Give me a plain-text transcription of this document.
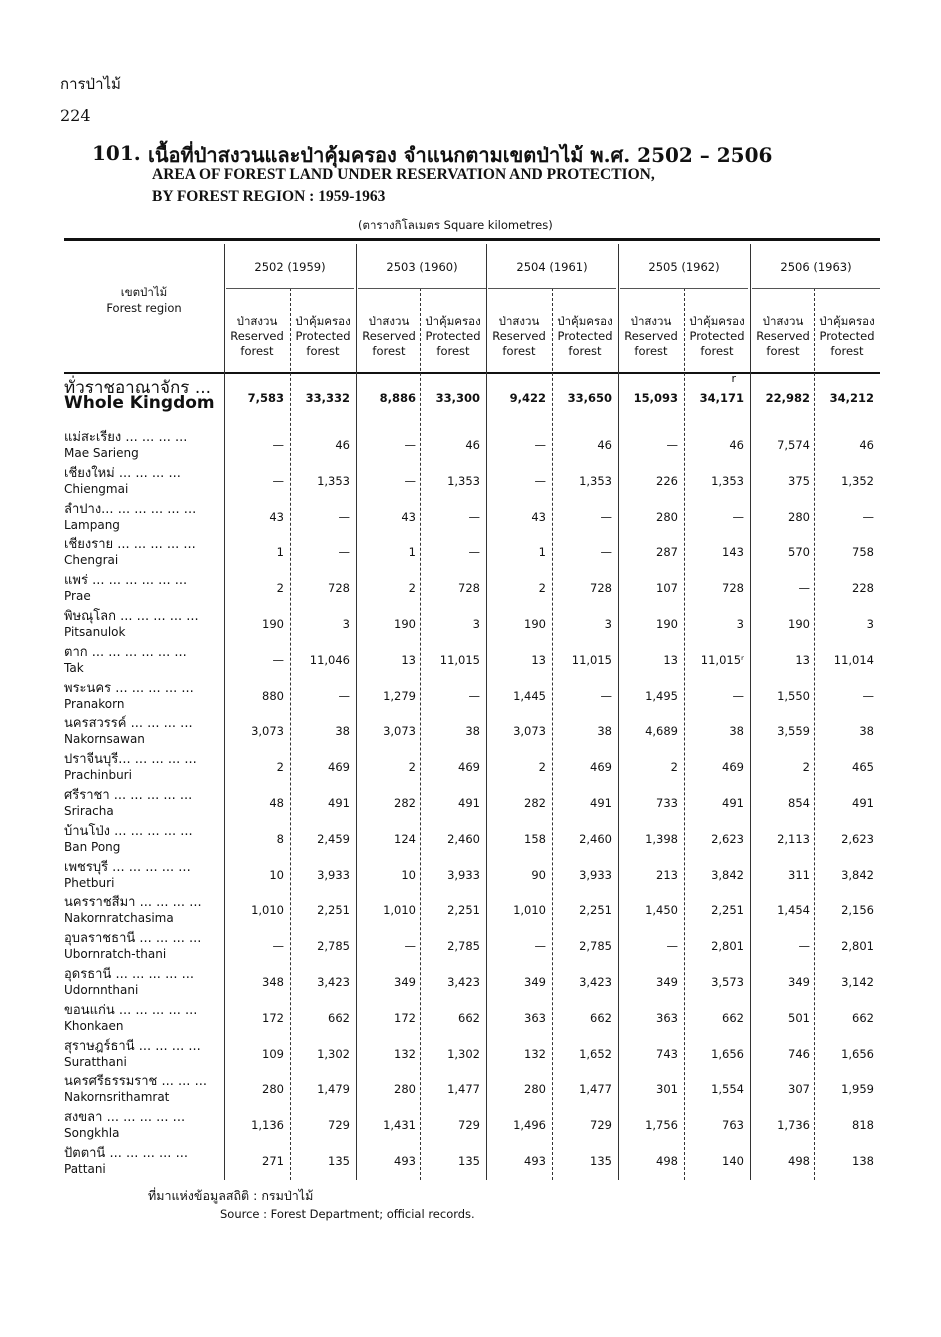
การป่าไม้
224
101. เนื้อที่ป่าสงวนและป่าคุ้มครอง จำแนกตามเขตป่าไม้ พ.ศ. 2502 – 2506
AREA OF FOREST LAND UNDER RESERVATION AND PROTECTION,
BY FOREST REGION : 1959-1963
(ตารางกิโลเมตร Square kilometres)
เขตป่าไม้
Forest region
2502 (1959)	2503 (1960)	2504 (1961)	2505 (1962)	2506 (1963)
ป่าสงวน
Reserved
forest
ป่าคุ้มครอง
Protected
forest
ป่าสงวน
Reserved
forest
ป่าคุ้มครอง
Protected
forest
ป่าสงวน
Reserved
forest
ป่าคุ้มครอง
Protected
forest
ป่าสงวน
Reserved
forest
ป่าคุ้มครอง
Protected
forest
ป่าสงวน
Reserved
forest
ป่าคุ้มครอง
Protected
forest
ทั่วราชอาณาจักร ...
Whole Kingdom
r
7,583	33,332	8,886	33,300	9,422	33,650	15,093	34,171	22,982	34,212
แม่สะเรียง ... ... ... ...
Mae Sarieng
—	46	—	46	—	46	—	46	7,574	46
เชียงใหม่ ... ... ... ...
Chiengmai
—	1,353	—	1,353	—	1,353	226	1,353	375	1,352
ลำปาง... ... ... ... ... ...
Lampang
43	—	43	—	43	—	280	—	280	—
เชียงราย ... ... ... ... ...
Chengrai
1	—	1	—	1	—	287	143	570	758
แพร่ ... ... ... ... ... ...
Prae
2	728	2	728	2	728	107	728	—	228
พิษณุโลก ... ... ... ... ...
Pitsanulok
190	3	190	3	190	3	190	3	190	3
ตาก ... ... ... ... ... ...
Tak
—	11,046	13	11,015	13	11,015	13	11,015ʳ	13	11,014
พระนคร ... ... ... ... ...
Pranakorn
880	—	1,279	—	1,445	—	1,495	—	1,550	—
นครสวรรค์ ... ... ... ...
Nakornsawan
3,073	38	3,073	38	3,073	38	4,689	38	3,559	38
ปราจีนบุรี... ... ... ... ...
Prachinburi
2	469	2	469	2	469	2	469	2	465
ศรีราชา ... ... ... ... ...
Sriracha
48	491	282	491	282	491	733	491	854	491
บ้านโป่ง ... ... ... ... ...
Ban Pong
8	2,459	124	2,460	158	2,460	1,398	2,623	2,113	2,623
เพชรบุรี ... ... ... ... ...
Phetburi
10	3,933	10	3,933	90	3,933	213	3,842	311	3,842
นครราชสีมา ... ... ... ...
Nakornratchasima
1,010	2,251	1,010	2,251	1,010	2,251	1,450	2,251	1,454	2,156
อุบลราชธานี ... ... ... ...
Ubornratch-thani
—	2,785	—	2,785	—	2,785	—	2,801	—	2,801
อุดรธานี ... ... ... ... ...
Udornnthani
348	3,423	349	3,423	349	3,423	349	3,573	349	3,142
ขอนแก่น ... ... ... ... ...
Khonkaen
172	662	172	662	363	662	363	662	501	662
สุราษฎร์ธานี ... ... ... ...
Suratthani
109	1,302	132	1,302	132	1,652	743	1,656	746	1,656
นครศรีธรรมราช ... ... ...
Nakornsrithamrat
280	1,479	280	1,477	280	1,477	301	1,554	307	1,959
สงขลา ... ... ... ... ...
Songkhla
1,136	729	1,431	729	1,496	729	1,756	763	1,736	818
ปัตตานี ... ... ... ... ...
Pattani
271	135	493	135	493	135	498	140	498	138
ที่มาแห่งข้อมูลสถิติ : กรมป่าไม้
Source : Forest Department; official records.
